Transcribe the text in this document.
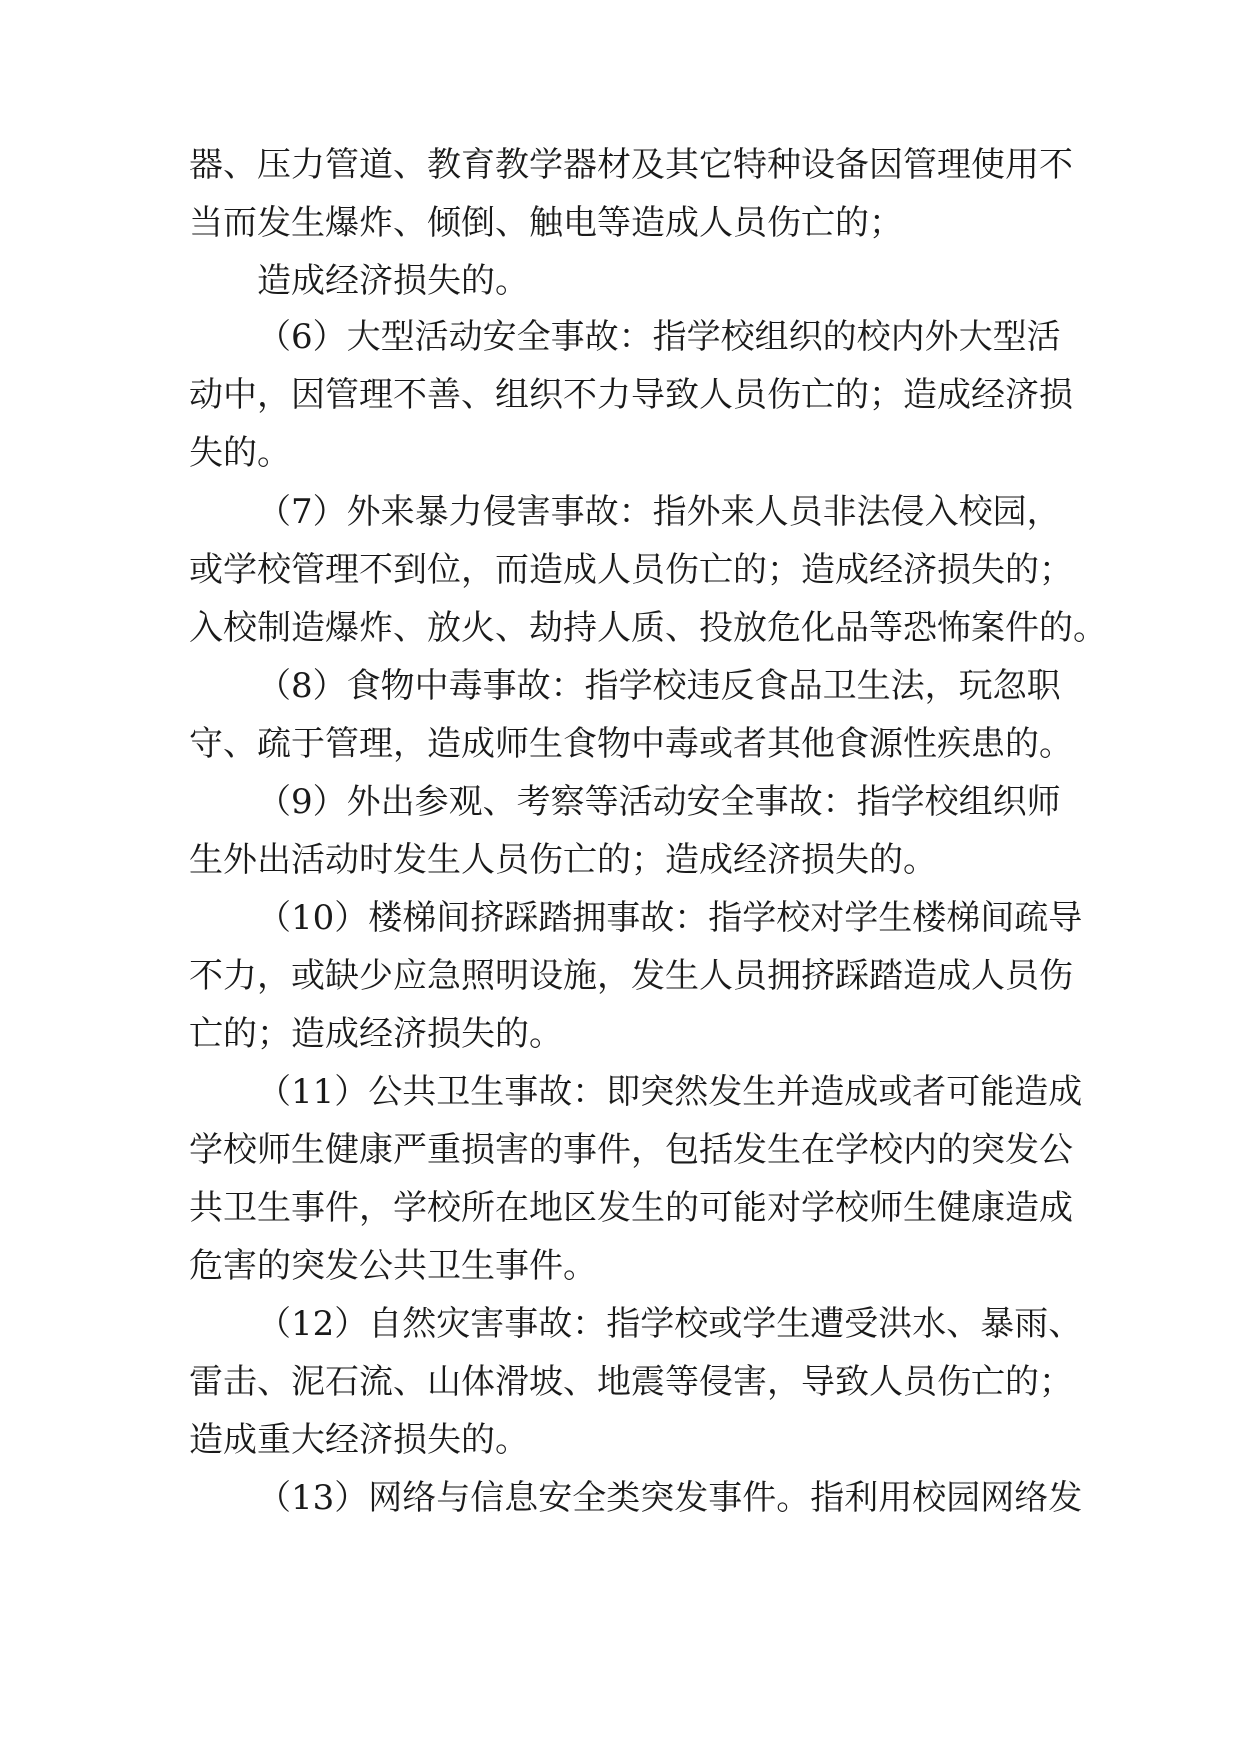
器、压力管道、教育教学器材及其它特种设备因管理使用不
当而发生爆炸、倾倒、触电等造成人员伤亡的；
造成经济损失的。
（6）大型活动安全事故：指学校组织的校内外大型活
动中，因管理不善、组织不力导致人员伤亡的；造成经济损
失的。
（7）外来暴力侵害事故：指外来人员非法侵入校园，
或学校管理不到位，而造成人员伤亡的；造成经济损失的；
入校制造爆炸、放火、劫持人质、投放危化品等恐怖案件的。
（8）食物中毒事故：指学校违反食品卫生法，玩忽职
守、疏于管理，造成师生食物中毒或者其他食源性疾患的。
（9）外出参观、考察等活动安全事故：指学校组织师
生外出活动时发生人员伤亡的；造成经济损失的。
（10）楼梯间挤踩踏拥事故：指学校对学生楼梯间疏导
不力，或缺少应急照明设施，发生人员拥挤踩踏造成人员伤
亡的；造成经济损失的。
（11）公共卫生事故：即突然发生并造成或者可能造成
学校师生健康严重损害的事件，包括发生在学校内的突发公
共卫生事件，学校所在地区发生的可能对学校师生健康造成
危害的突发公共卫生事件。
（12）自然灾害事故：指学校或学生遭受洪水、暴雨、
雷击、泥石流、山体滑坡、地震等侵害，导致人员伤亡的；
造成重大经济损失的。
（13）网络与信息安全类突发事件。指利用校园网络发
